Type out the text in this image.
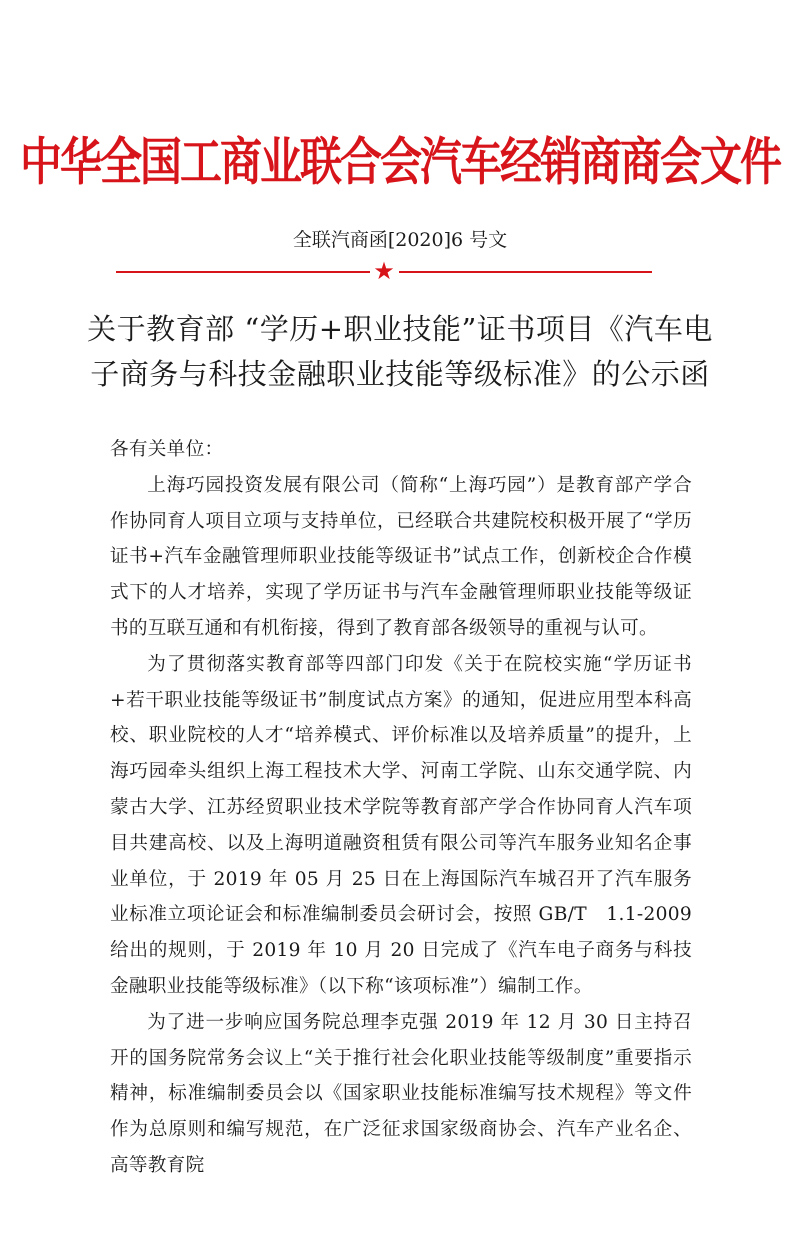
中华全国工商业联合会汽车经销商商会文件
全联汽商函[2020]6 号文
★
关于教育部 “学历+职业技能”证书项目《汽车电
子商务与科技金融职业技能等级标准》的公示函

各有关单位：

上海巧园投资发展有限公司（简称“上海巧园”）是教育部产学合作协同育人项目立项与支持单位，已经联合共建院校积极开展了“学历证书+汽车金融管理师职业技能等级证书”试点工作，创新校企合作模式下的人才培养，实现了学历证书与汽车金融管理师职业技能等级证书的互联互通和有机衔接，得到了教育部各级领导的重视与认可。

为了贯彻落实教育部等四部门印发《关于在院校实施“学历证书+若干职业技能等级证书”制度试点方案》的通知，促进应用型本科高校、职业院校的人才“培养模式、评价标准以及培养质量”的提升，上海巧园牵头组织上海工程技术大学、河南工学院、山东交通学院、内蒙古大学、江苏经贸职业技术学院等教育部产学合作协同育人汽车项目共建高校、以及上海明道融资租赁有限公司等汽车服务业知名企事业单位，于 2019 年 05 月 25 日在上海国际汽车城召开了汽车服务业标准立项论证会和标准编制委员会研讨会，按照 GB/T　1.1-2009 给出的规则，于 2019 年 10 月 20 日完成了《汽车电子商务与科技金融职业技能等级标准》（以下称“该项标准”）编制工作。

为了进一步响应国务院总理李克强 2019 年 12 月 30 日主持召开的国务院常务会议上“关于推行社会化职业技能等级制度”重要指示精神，标准编制委员会以《国家职业技能标准编写技术规程》等文件作为总原则和编写规范，在广泛征求国家级商协会、汽车产业名企、高等教育院
